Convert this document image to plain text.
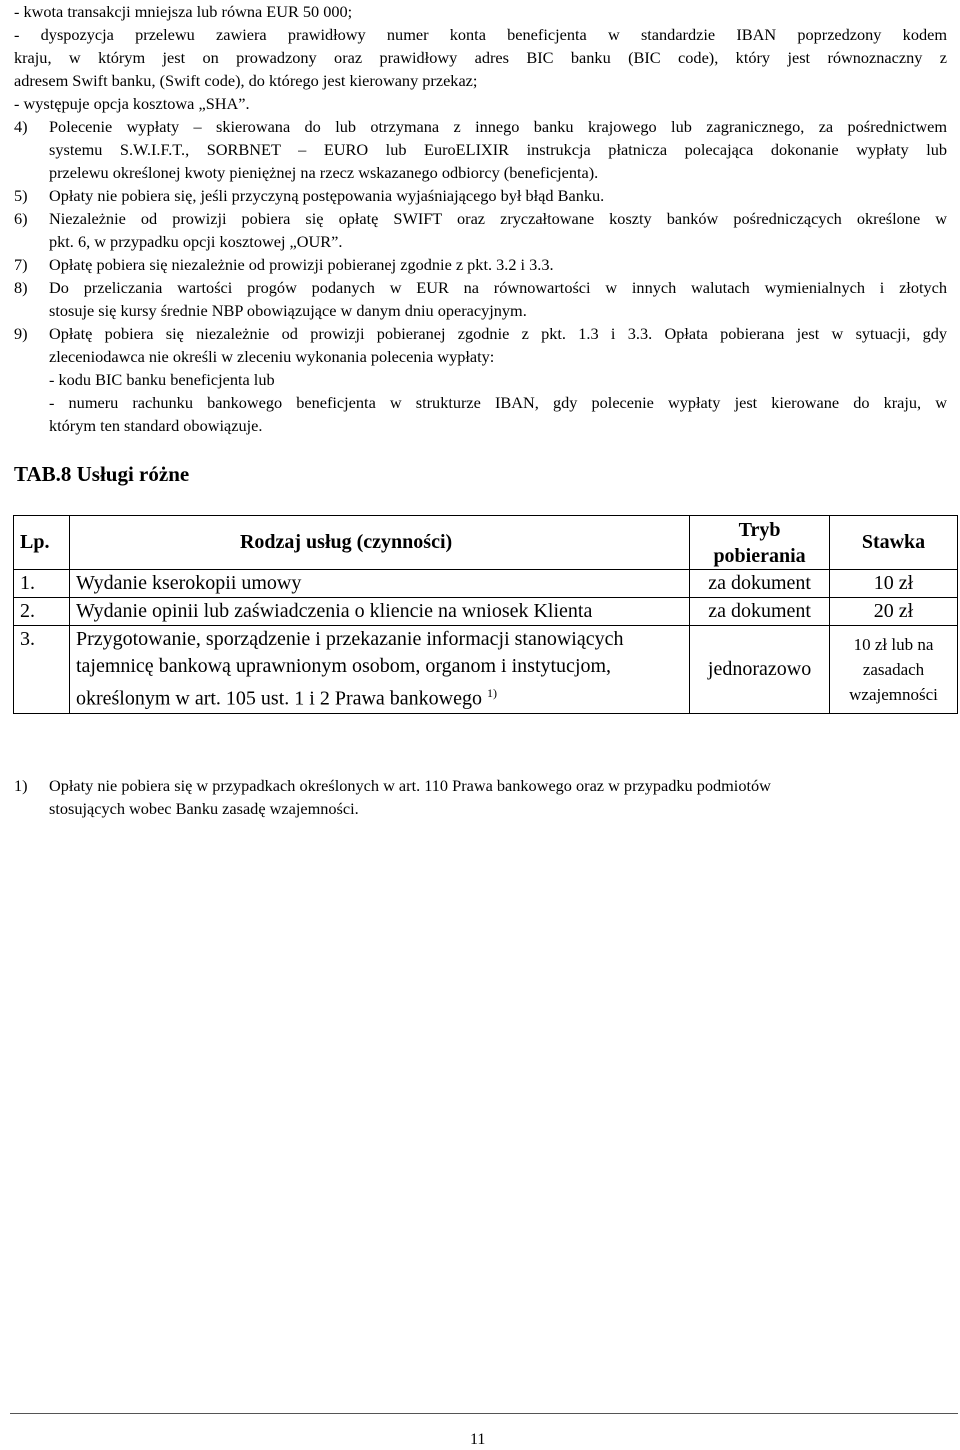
- kwota transakcji mniejsza lub równa EUR 50 000;
- dyspozycja przelewu zawiera prawidłowy numer konta beneficjenta w standardzie IBAN poprzedzony kodem
kraju, w którym jest on prowadzony oraz prawidłowy adres BIC banku (BIC code), który jest równoznaczny z
adresem Swift banku, (Swift code), do którego jest kierowany przekaz;
- występuje opcja kosztowa „SHA”.
4) Polecenie wypłaty – skierowana do lub otrzymana z innego banku krajowego lub zagranicznego, za pośrednictwem
systemu S.W.I.F.T., SORBNET – EURO lub EuroELIXIR instrukcja płatnicza polecająca dokonanie wypłaty lub
przelewu określonej kwoty pieniężnej na rzecz wskazanego odbiorcy (beneficjenta).
5) Opłaty nie pobiera się, jeśli przyczyną postępowania wyjaśniającego był błąd Banku.
6) Niezależnie od prowizji pobiera się opłatę SWIFT oraz zryczałtowane koszty banków pośredniczących określone w
pkt. 6, w przypadku opcji kosztowej „OUR”.
7) Opłatę pobiera się niezależnie od prowizji pobieranej zgodnie z pkt. 3.2 i 3.3.
8) Do przeliczania wartości progów podanych w EUR na równowartości w innych walutach wymienialnych i złotych
stosuje się kursy średnie NBP obowiązujące w danym dniu operacyjnym.
9) Opłatę pobiera się niezależnie od prowizji pobieranej zgodnie z pkt. 1.3 i 3.3. Opłata pobierana jest w sytuacji, gdy
zleceniodawca nie określi w zleceniu wykonania polecenia wypłaty:
- kodu BIC banku beneficjenta lub
- numeru rachunku bankowego beneficjenta w strukturze IBAN, gdy polecenie wypłaty jest kierowane do kraju, w
którym ten standard obowiązuje.
TAB.8 Usługi różne
Lp.	Rodzaj usług (czynności)	Tryb pobierania	Stawka
1.	Wydanie kserokopii umowy	za dokument	10 zł
2.	Wydanie opinii lub zaświadczenia o kliencie na wniosek Klienta	za dokument	20 zł
3.	Przygotowanie, sporządzenie i przekazanie informacji stanowiących tajemnicę bankową uprawnionym osobom, organom i instytucjom, określonym w art. 105 ust. 1 i 2 Prawa bankowego $^{1)}$	jednorazowo	10 zł lub na zasadach wzajemności
1) Opłaty nie pobiera się w przypadkach określonych w art. 110 Prawa bankowego oraz w przypadku podmiotów
stosujących wobec Banku zasadę wzajemności.
11
